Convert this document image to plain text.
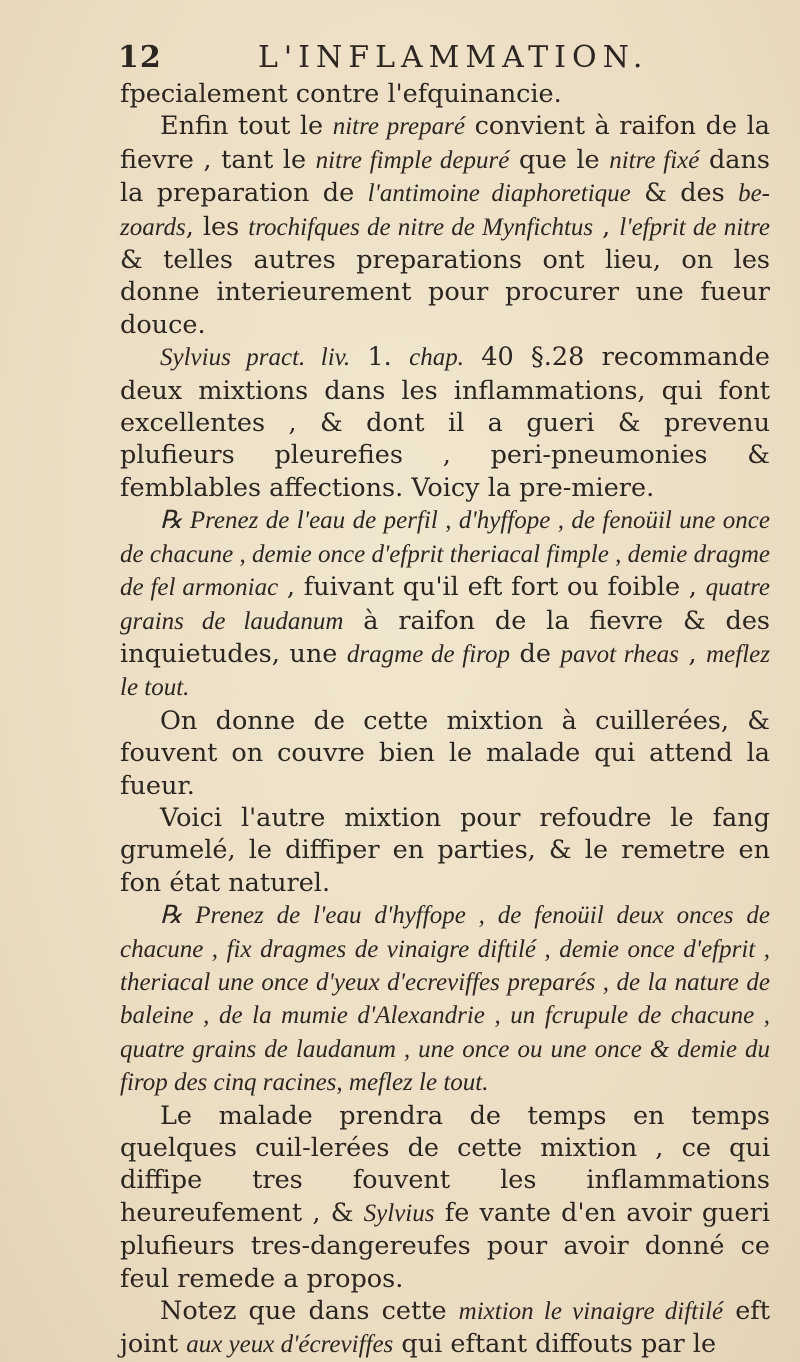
12	L'INFLAMMATION.

fpecialement contre l'efquinancie.

Enfin tout le nitre preparé convient à raifon de la fievre , tant le nitre fimple depuré que le nitre fixé dans la preparation de l'antimoine diaphoretique & des be-zoards, les trochifques de nitre de Mynfichtus , l'efprit de nitre & telles autres preparations ont lieu, on les donne interieurement pour procurer une fueur douce.

Sylvius pract. liv. 1. chap. 40 §.28 recommande deux mixtions dans les inflammations, qui font excellentes , & dont il a gueri & prevenu plufieurs pleurefies , peri-pneumonies & femblables affections. Voicy la pre-miere.

℞ Prenez de l'eau de perfil , d'hyffope , de fenoüil une once de chacune , demie once d'efprit theriacal fimple , demie dragme de fel armoniac , fuivant qu'il eft fort ou foible , quatre grains de laudanum à raifon de la fievre & des inquietudes, une dragme de firop de pavot rheas , meflez le tout.

On donne de cette mixtion à cuillerées, & fouvent on couvre bien le malade qui attend la fueur.

Voici l'autre mixtion pour refoudre le fang grumelé, le diffiper en parties, & le remetre en fon état naturel.

℞ Prenez de l'eau d'hyffope , de fenoüil deux onces de chacune , fix dragmes de vinaigre diftilé , demie once d'efprit , theriacal une once d'yeux d'ecreviffes preparés , de la nature de baleine , de la mumie d'Alexandrie , un fcrupule de chacune , quatre grains de laudanum , une once ou une once & demie du firop des cinq racines, meflez le tout.

Le malade prendra de temps en temps quelques cuil-lerées de cette mixtion , ce qui diffipe tres fouvent les inflammations heureufement , & Sylvius fe vante d'en avoir gueri plufieurs tres-dangereufes pour avoir donné ce feul remede a propos.

Notez que dans cette mixtion le vinaigre diftilé eft joint aux yeux d'écreviffes qui eftant diffouts par le
